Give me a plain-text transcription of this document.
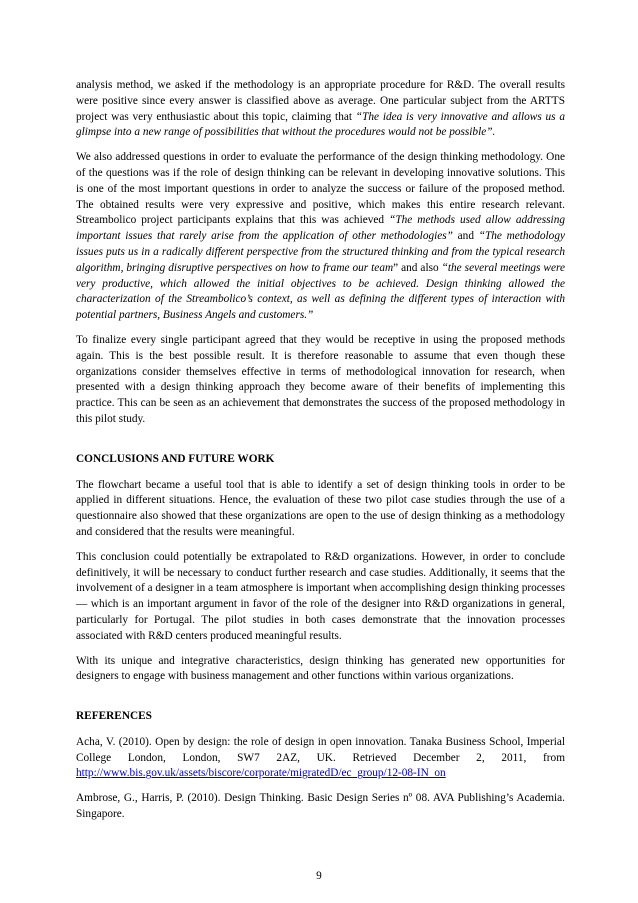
analysis method, we asked if the methodology is an appropriate procedure for R&D. The overall results were positive since every answer is classified above as average. One particular subject from the ARTTS project was very enthusiastic about this topic, claiming that “The idea is very innovative and allows us a glimpse into a new range of possibilities that without the procedures would not be possible”.

We also addressed questions in order to evaluate the performance of the design thinking methodology. One of the questions was if the role of design thinking can be relevant in developing innovative solutions. This is one of the most important questions in order to analyze the success or failure of the proposed method. The obtained results were very expressive and positive, which makes this entire research relevant. Streambolico project participants explains that this was achieved “The methods used allow addressing important issues that rarely arise from the application of other methodologies” and “The methodology issues puts us in a radically different perspective from the structured thinking and from the typical research algorithm, bringing disruptive perspectives on how to frame our team” and also “the several meetings were very productive, which allowed the initial objectives to be achieved. Design thinking allowed the characterization of the Streambolico’s context, as well as defining the different types of interaction with potential partners, Business Angels and customers.”

To finalize every single participant agreed that they would be receptive in using the proposed methods again. This is the best possible result. It is therefore reasonable to assume that even though these organizations consider themselves effective in terms of methodological innovation for research, when presented with a design thinking approach they become aware of their benefits of implementing this practice. This can be seen as an achievement that demonstrates the success of the proposed methodology in this pilot study.

CONCLUSIONS AND FUTURE WORK

The flowchart became a useful tool that is able to identify a set of design thinking tools in order to be applied in different situations. Hence, the evaluation of these two pilot case studies through the use of a questionnaire also showed that these organizations are open to the use of design thinking as a methodology and considered that the results were meaningful.

This conclusion could potentially be extrapolated to R&D organizations. However, in order to conclude definitively, it will be necessary to conduct further research and case studies. Additionally, it seems that the involvement of a designer in a team atmosphere is important when accomplishing design thinking processes — which is an important argument in favor of the role of the designer into R&D organizations in general, particularly for Portugal. The pilot studies in both cases demonstrate that the innovation processes associated with R&D centers produced meaningful results.

With its unique and integrative characteristics, design thinking has generated new opportunities for designers to engage with business management and other functions within various organizations.

REFERENCES

Acha, V. (2010). Open by design: the role of design in open innovation. Tanaka Business School, Imperial College London, London, SW7 2AZ, UK. Retrieved December 2, 2011, from http://www.bis.gov.uk/assets/biscore/corporate/migratedD/ec_group/12-08-IN_on

Ambrose, G., Harris, P. (2010). Design Thinking. Basic Design Series nº 08. AVA Publishing’s Academia. Singapore.

9
